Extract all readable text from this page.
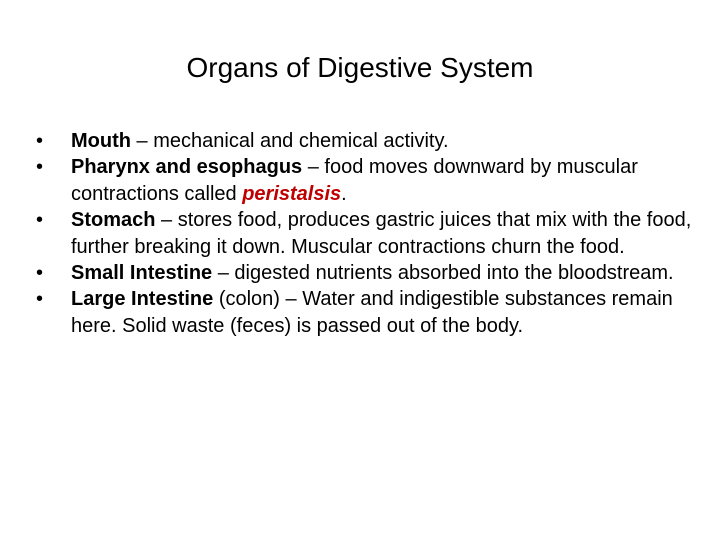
Organs of Digestive System
•	Mouth – mechanical and chemical activity.
•	Pharynx and esophagus – food moves downward by muscular contractions called peristalsis.
•	Stomach – stores food, produces gastric juices that mix with the food, further breaking it down. Muscular contractions churn the food.
•	Small Intestine – digested nutrients absorbed into the bloodstream.
•	Large Intestine (colon) – Water and indigestible substances remain here. Solid waste (feces) is passed out of the body.
